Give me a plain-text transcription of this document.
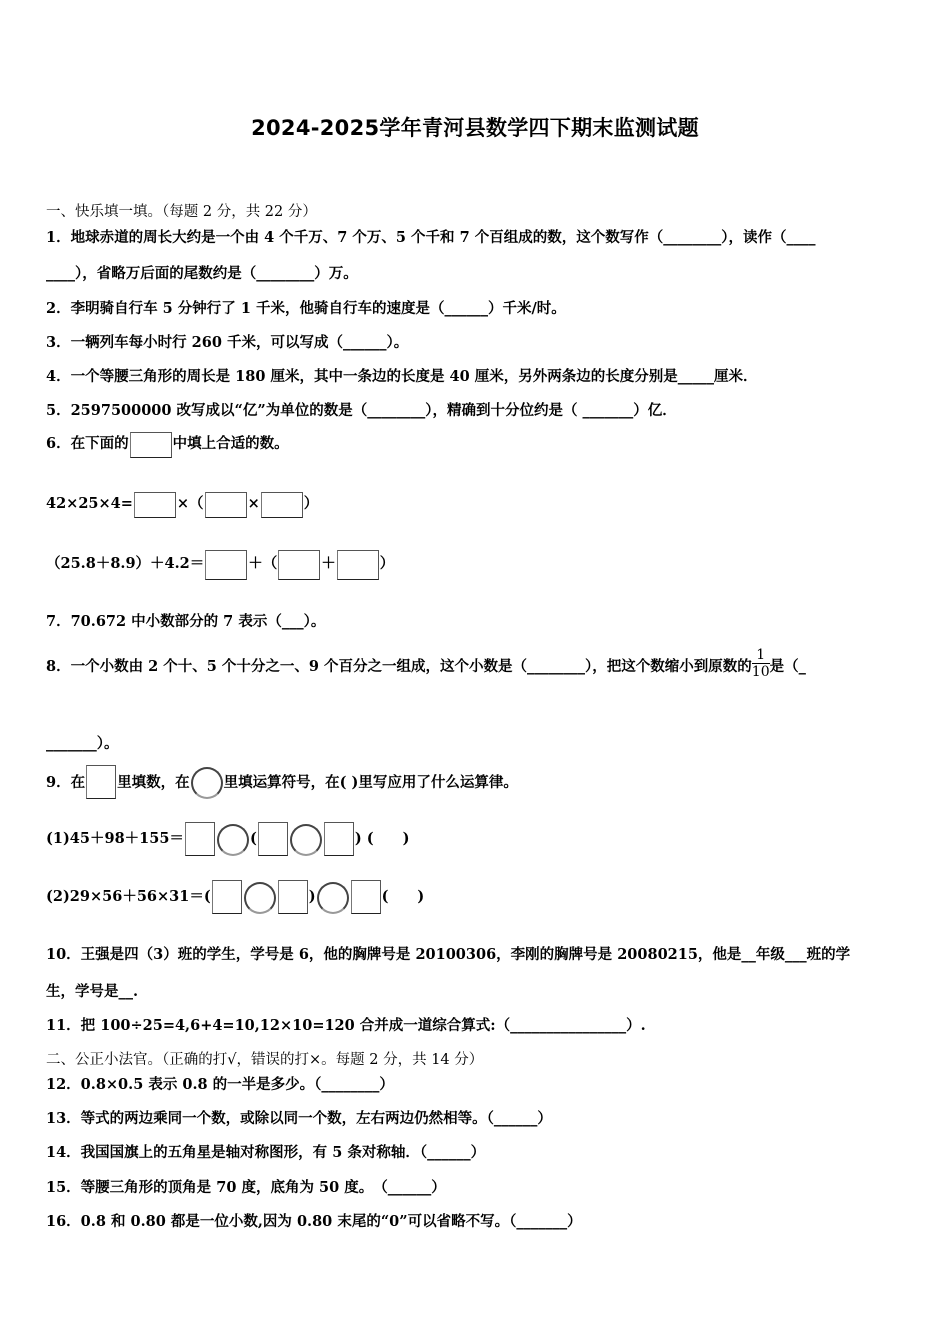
2024-2025学年青河县数学四下期末监测试题
一、快乐填一填。（每题 2 分，共 22 分）
1．地球赤道的周长大约是一个由 4 个千万、7 个万、5 个千和 7 个百组成的数，这个数写作（________），读作（____
____），省略万后面的尾数约是（________）万。
2．李明骑自行车 5 分钟行了 1 千米，他骑自行车的速度是（______）千米/时。
3．一辆列车每小时行 260 千米，可以写成（______）。
4．一个等腰三角形的周长是 180 厘米，其中一条边的长度是 40 厘米，另外两条边的长度分别是_____厘米．
5．2597500000 改写成以“亿”为单位的数是（________），精确到十分位约是（ _______）亿．
6．在下面的	中填上合适的数。
42×25×4=	×（	×	）
（25.8＋8.9）＋4.2＝	＋（	＋	）
7．70.672 中小数部分的 7 表示（___）。
8．一个小数由 2 个十、5 个十分之一、9 个百分之一组成，这个小数是（________），把这个数缩小到原数的 $\frac{1}{10}$ 是（_
_______）。
9．在 里填数，在 里填运算符号，在( )里写应用了什么运算律。
(1)45＋98＋155＝	(	) (　　)
(2)29×56＋56×31＝(	)	(　　)
10．王强是四（3）班的学生，学号是 6，他的胸牌号是 20100306，李刚的胸牌号是 20080215，他是__年级___班的学
生，学号是__.
11．把 100÷25=4,6+4=10,12×10=120 合并成一道综合算式:（________________）.
二、公正小法官。（正确的打√，错误的打×。每题 2 分，共 14 分）
12．0.8×0.5 表示 0.8 的一半是多少。（________）
13．等式的两边乘同一个数，或除以同一个数，左右两边仍然相等。（______）
14．我国国旗上的五角星是轴对称图形，有 5 条对称轴．（______）
15．等腰三角形的顶角是 70 度，底角为 50 度。　（______）
16．0.8 和 0.80 都是一位小数,因为 0.80 末尾的“0”可以省略不写。（_______）
